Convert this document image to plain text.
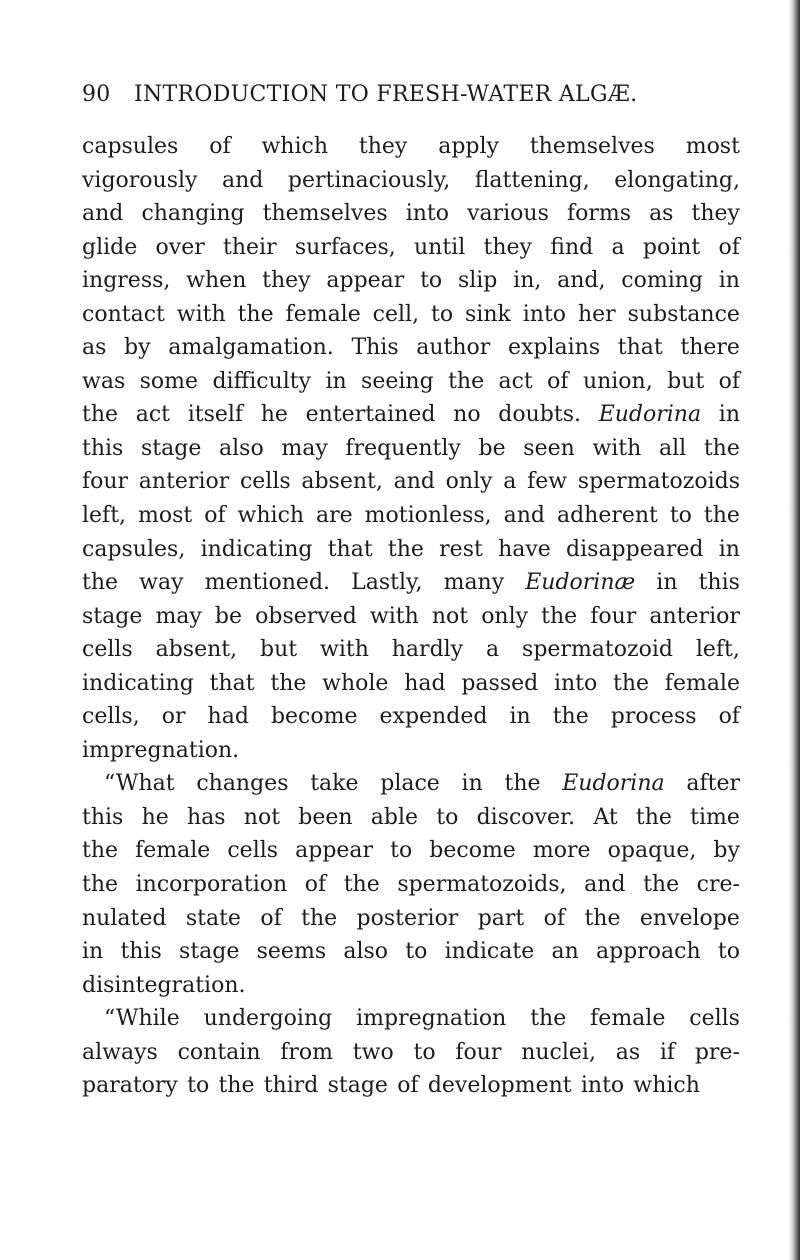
90 INTRODUCTION TO FRESH-WATER ALGÆ.
capsules of which they apply themselves most
vigorously and pertinaciously, flattening, elongating,
and changing themselves into various forms as they
glide over their surfaces, until they find a point of
ingress, when they appear to slip in, and, coming in
contact with the female cell, to sink into her substance
as by amalgamation. This author explains that there
was some difficulty in seeing the act of union, but of
the act itself he entertained no doubts. Eudorina in
this stage also may frequently be seen with all the
four anterior cells absent, and only a few spermatozoids
left, most of which are motionless, and adherent to the
capsules, indicating that the rest have disappeared in
the way mentioned. Lastly, many Eudorinæ in this
stage may be observed with not only the four anterior
cells absent, but with hardly a spermatozoid left,
indicating that the whole had passed into the female
cells, or had become expended in the process of
impregnation.
“What changes take place in the Eudorina after
this he has not been able to discover. At the time
the female cells appear to become more opaque, by
the incorporation of the spermatozoids, and the cre-
nulated state of the posterior part of the envelope
in this stage seems also to indicate an approach to
disintegration.
“While undergoing impregnation the female cells
always contain from two to four nuclei, as if pre-
paratory to the third stage of development into which
